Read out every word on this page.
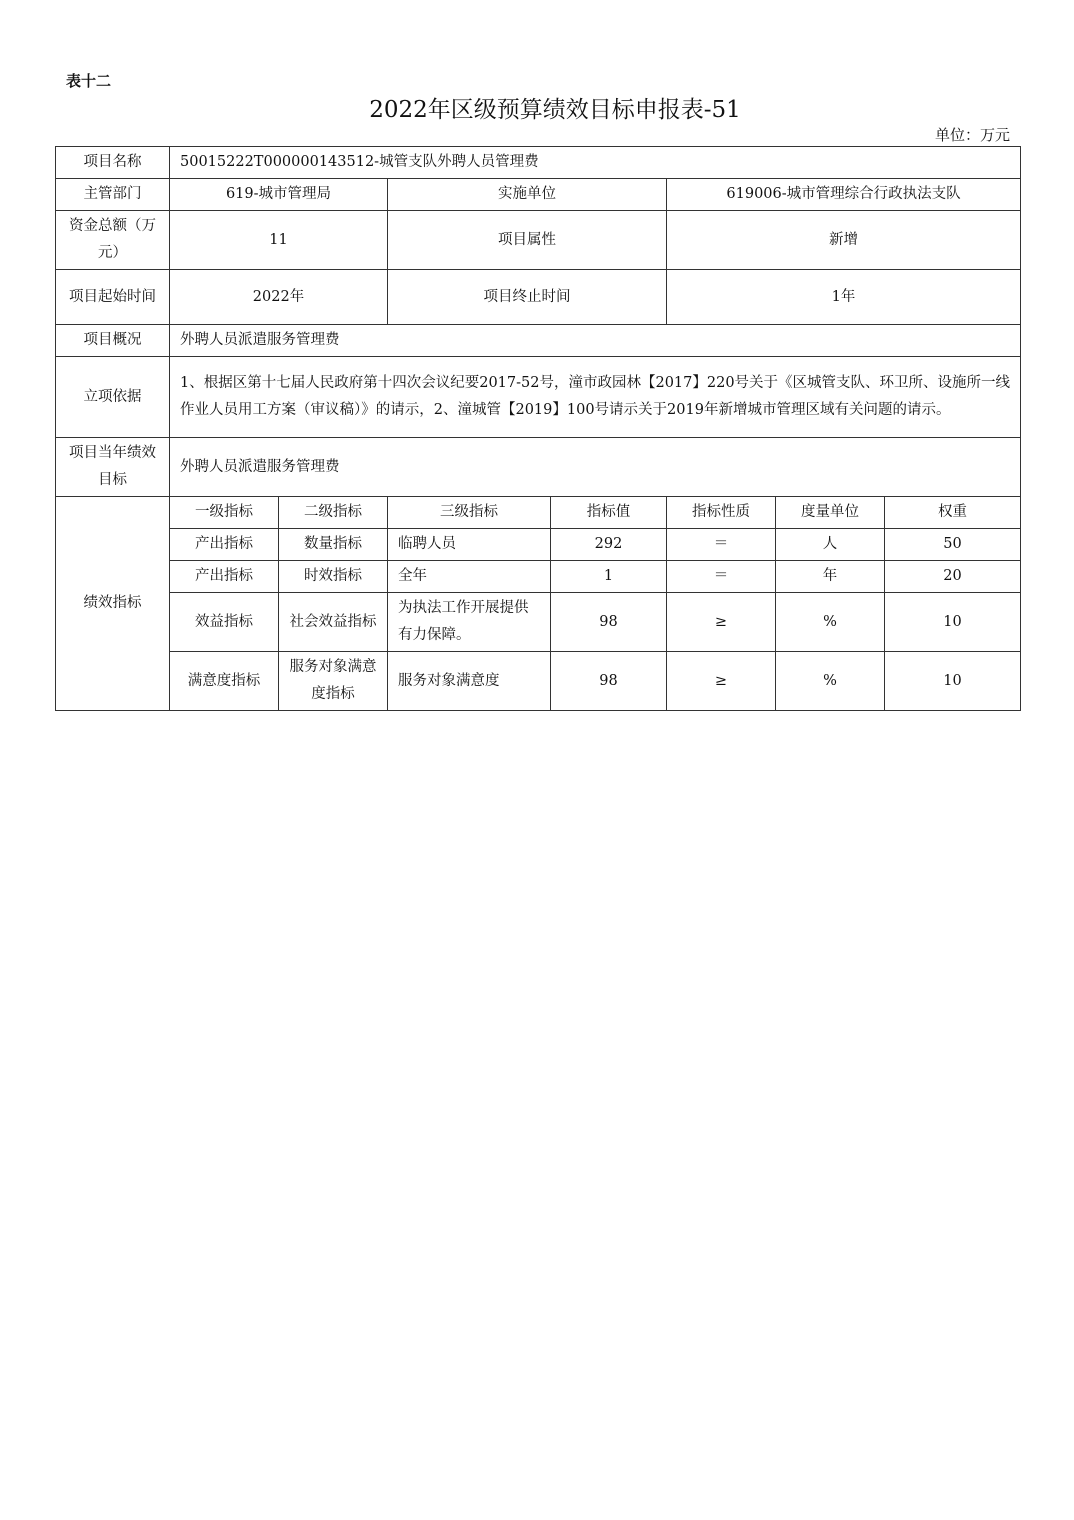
表十二
2022年区级预算绩效目标申报表-51
单位：万元
项目名称	50015222T000000143512-城管支队外聘人员管理费						
主管部门	619-城市管理局		实施单位		619006-城市管理综合行政执法支队		
资金总额（万元）	11		项目属性		新增		
项目起始时间	2022年		项目终止时间		1年		
项目概况	外聘人员派遣服务管理费						
立项依据	1、根据区第十七届人民政府第十四次会议纪要2017-52号，潼市政园林【2017】220号关于《区城管支队、环卫所、设施所一线作业人员用工方案（审议稿）》的请示，2、潼城管【2019】100号请示关于2019年新增城市管理区域有关问题的请示。						
项目当年绩效目标	外聘人员派遣服务管理费						
绩效指标	一级指标	二级指标	三级指标	指标值	指标性质	度量单位	权重
	产出指标	数量指标	临聘人员	292	＝	人	50
	产出指标	时效指标	全年	1	＝	年	20
	效益指标	社会效益指标	为执法工作开展提供有力保障。	98	≥	%	10
	满意度指标	服务对象满意度指标	服务对象满意度	98	≥	%	10
